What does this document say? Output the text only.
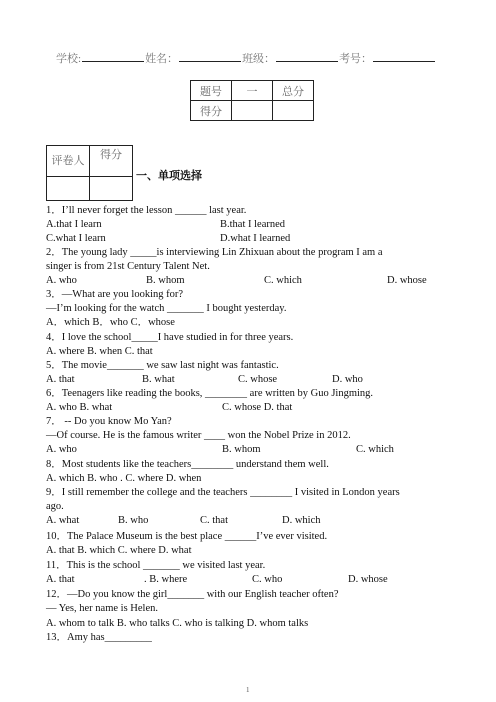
学校:	姓名：	班级：	考号：
题号	一	总分
得分		
评卷人	得分

一、单项选择
1．I’ll never forget the lesson ______ last year.
A.that I learn	B.that I learned
C.what I learn	D.what I learned
2．The young lady _____is interviewing Lin Zhixuan about the program I am a
singer is from 21st Century Talent Net.
A. who	B. whom	C. which	D. whose
3．—What are you looking for?
—I’m looking for the watch _______ I bought yesterday.
A．which B．who C．whose
4．I love the school_____I have studied in for three years.
A. where B. when C. that
5．The movie_______ we saw last night was fantastic.
A. that	B. what	C. whose	D. who
6．Teenagers like reading the books, ________ are written by Guo Jingming.
A. who B. what	C. whose D. that
7． -- Do you know Mo Yan?
—Of course. He is the famous writer ____ won the Nobel Prize in 2012.
A. who	B. whom	C. which
8．Most students like the teachers________ understand them well.
A. which B. who . C. where D. when
9．I still remember the college and the teachers ________ I visited in London years
ago.
A. what	B. who	C. that	D. which
10．The Palace Museum is the best place ______I’ve ever visited.
A. that B. which C. where D. what
11．This is the school _______ we visited last year.
A. that	. B. where	C. who	D. whose
12．—Do you know the girl_______ with our English teacher often?
— Yes, her name is Helen.
A. whom to talk B. who talks C. who is talking D. whom talks
13．Amy has_________
1
